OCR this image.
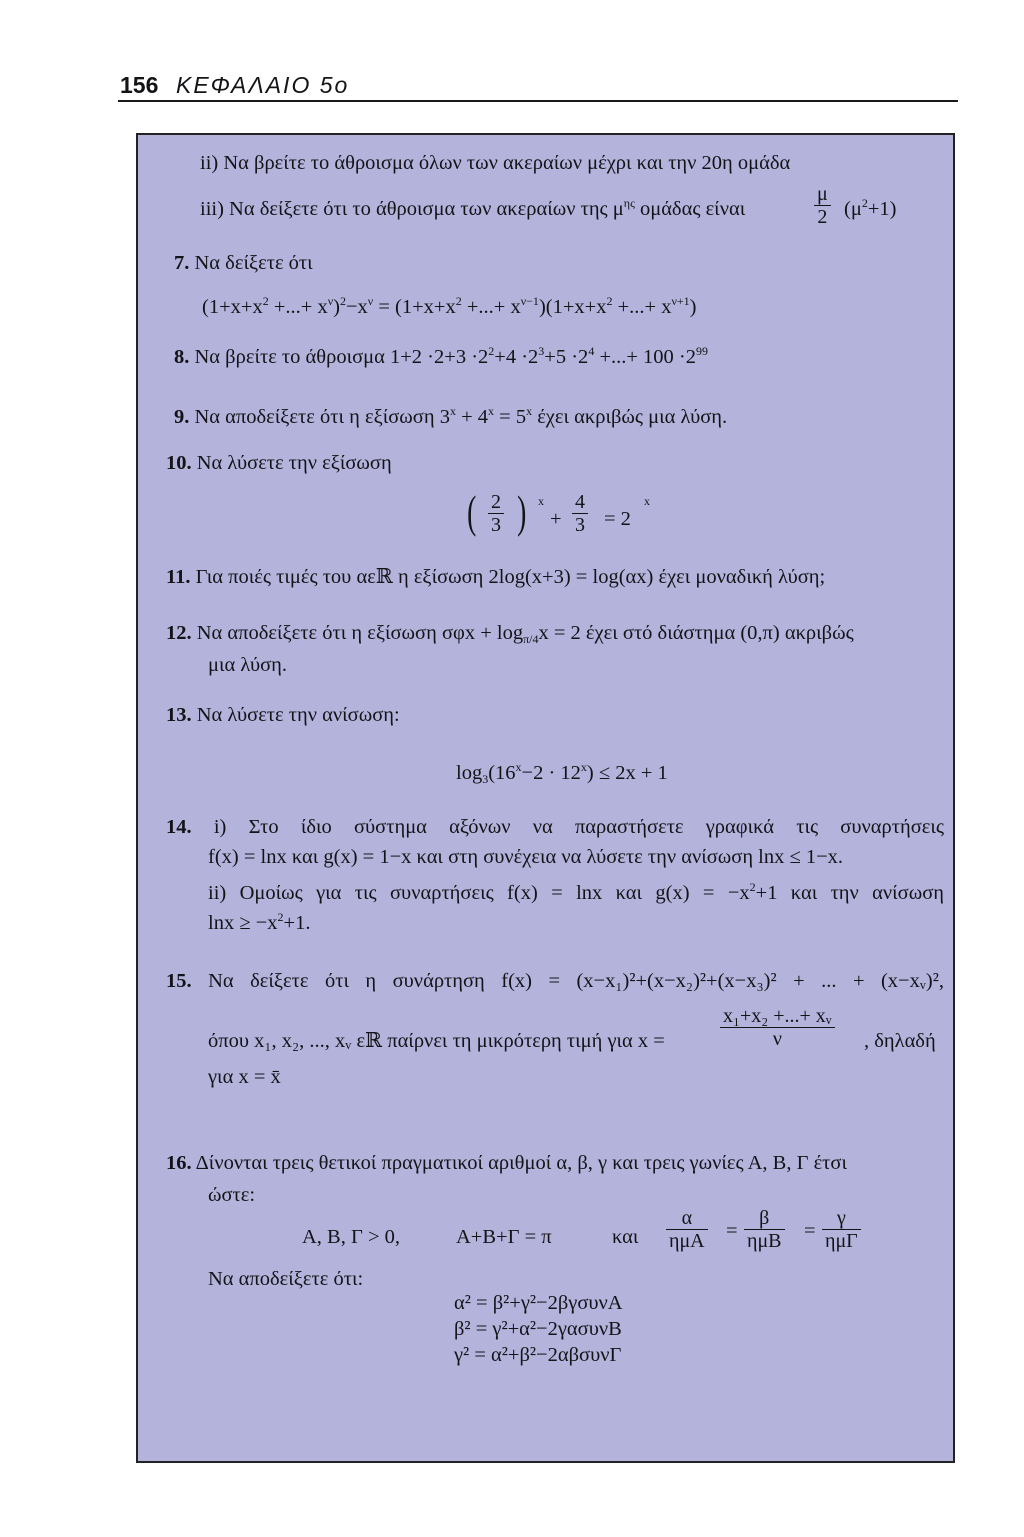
156 ΚΕΦΑΛΑΙΟ 5ο
ii) Να βρείτε το άθροισμα όλων των ακεραίων μέχρι και την 20η ομάδα
iii) Να δείξετε ότι το άθροισμα των ακεραίων της $\mu^{\eta\varsigma}$ ομάδας είναι	$\frac{\mu}{2} (\mu^2+1)$
7. Να δείξετε ότι
($1+x+x^2$ +...+ $x^\nu)^2-x^\nu = (1+x+x^2$ +...+ $x^{\nu-1})(1+x+x^2$ +...+ $x^{\nu+1}$)
8. Να βρείτε το άθροισμα $1+2 \cdot 2+3 \cdot 2^2+4 \cdot 2^3+5 \cdot 2^4$ +...+ $100 \cdot 2^{99}$
9. Να αποδείξετε ότι η εξίσωση $3^x + 4^x = 5^x$ έχει ακριβώς μια λύση.
10. Να λύσετε την εξίσωση
( $\frac{2}{3}$ ) x
+ $\frac{4}{3} = 2$
x
11. Για ποιές τιμές του αεℝ η εξίσωση 2log(x+3) = log(αx) έχει μοναδική λύση;
12. Να αποδείξετε ότι η εξίσωση $\sigma\varphi x + \log_{\pi/4}x = 2$ έχει στό διάστημα (0,π) ακριβώς
μια λύση.
13. Να λύσετε την ανίσωση:
$\log_3(16^x-2 \cdot 12^x) \le 2x + 1$
14. i) Στο ίδιο σύστημα αξόνων να παραστήσετε γραφικά τις συναρτήσεις
f(x) = lnx και g(x) = 1−x και στη συνέχεια να λύσετε την ανίσωση lnx ≤ 1−x.
ii) Ομοίως για τις συναρτήσεις f(x) = lnx και $g(x) = -x^2+1$ και την ανίσωση
$\ln x \ge -x^2+1$.
15. Να δείξετε ότι η συνάρτηση f(x) = (x−x₁)²+(x−x₂)²+(x−x₃)² + ... + (x−xᵥ)²,
όπου x₁, x₂, ..., xᵥ εℝ παίρνει τη μικρότερη τιμή για x =	$\frac{\text{x₁+x₂ +...+ xᵥ}}{\nu}$ , δηλαδή
για x = x̄
16. Δίνονται τρεις θετικοί πραγματικοί αριθμοί α, β, γ και τρεις γωνίες Α, Β, Γ έτσι
ώστε:
Α, Β, Γ > 0,	Α+Β+Γ = π	και $\frac{\alpha}{\text{ημΑ}} = \frac{\beta}{\text{ημΒ}} = \frac{\gamma}{\text{ημΓ}}$
Να αποδείξετε ότι:
α² = β²+γ²−2βγσυνΑ
β² = γ²+α²−2γασυνΒ
γ² = α²+β²−2αβσυνΓ
